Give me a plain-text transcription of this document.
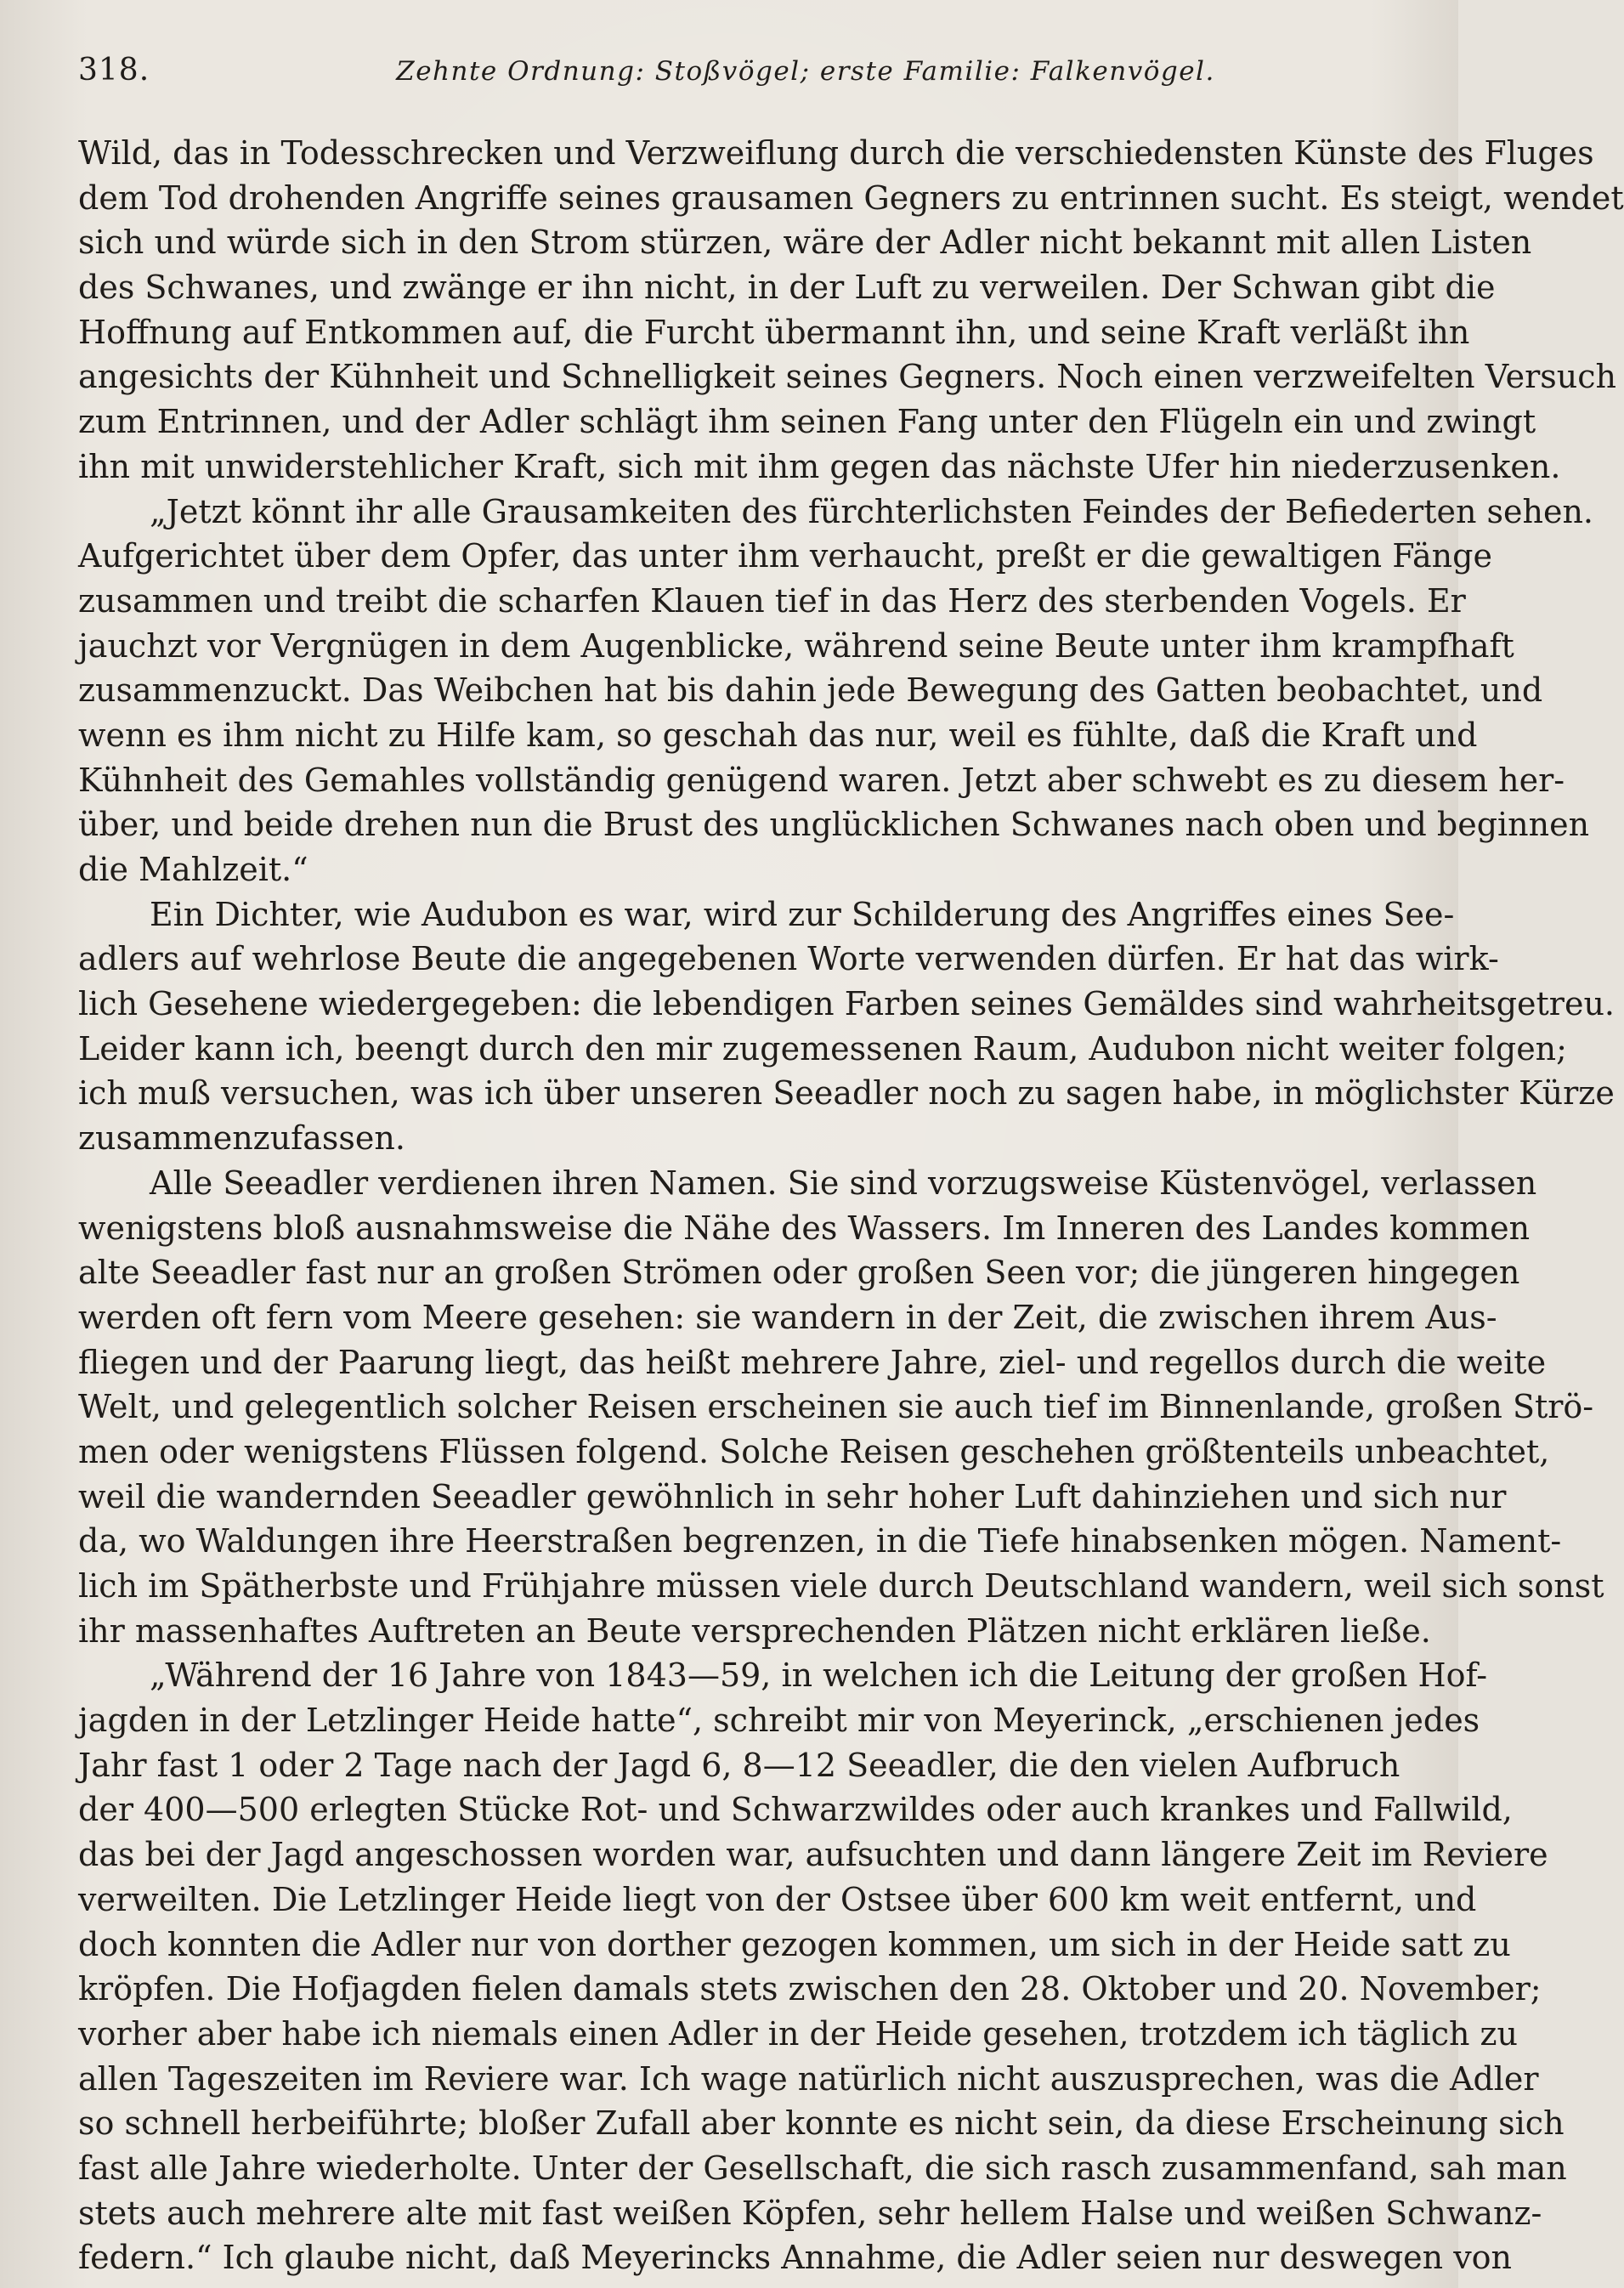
318.	Zehnte Ordnung: Stoßvögel; erste Familie: Falkenvögel.
Wild, das in Todesschrecken und Verzweiflung durch die verschiedensten Künste des Fluges
dem Tod drohenden Angriffe seines grausamen Gegners zu entrinnen sucht. Es steigt, wendet
sich und würde sich in den Strom stürzen, wäre der Adler nicht bekannt mit allen Listen
des Schwanes, und zwänge er ihn nicht, in der Luft zu verweilen. Der Schwan gibt die
Hoffnung auf Entkommen auf, die Furcht übermannt ihn, und seine Kraft verläßt ihn
angesichts der Kühnheit und Schnelligkeit seines Gegners. Noch einen verzweifelten Versuch
zum Entrinnen, und der Adler schlägt ihm seinen Fang unter den Flügeln ein und zwingt
ihn mit unwiderstehlicher Kraft, sich mit ihm gegen das nächste Ufer hin niederzusenken.
„Jetzt könnt ihr alle Grausamkeiten des fürchterlichsten Feindes der Befiederten sehen.
Aufgerichtet über dem Opfer, das unter ihm verhaucht, preßt er die gewaltigen Fänge
zusammen und treibt die scharfen Klauen tief in das Herz des sterbenden Vogels. Er
jauchzt vor Vergnügen in dem Augenblicke, während seine Beute unter ihm krampfhaft
zusammenzuckt. Das Weibchen hat bis dahin jede Bewegung des Gatten beobachtet, und
wenn es ihm nicht zu Hilfe kam, so geschah das nur, weil es fühlte, daß die Kraft und
Kühnheit des Gemahles vollständig genügend waren. Jetzt aber schwebt es zu diesem her-
über, und beide drehen nun die Brust des unglücklichen Schwanes nach oben und beginnen
die Mahlzeit.“
Ein Dichter, wie Audubon es war, wird zur Schilderung des Angriffes eines See-
adlers auf wehrlose Beute die angegebenen Worte verwenden dürfen. Er hat das wirk-
lich Gesehene wiedergegeben: die lebendigen Farben seines Gemäldes sind wahrheitsgetreu.
Leider kann ich, beengt durch den mir zugemessenen Raum, Audubon nicht weiter folgen;
ich muß versuchen, was ich über unseren Seeadler noch zu sagen habe, in möglichster Kürze
zusammenzufassen.
Alle Seeadler verdienen ihren Namen. Sie sind vorzugsweise Küstenvögel, verlassen
wenigstens bloß ausnahmsweise die Nähe des Wassers. Im Inneren des Landes kommen
alte Seeadler fast nur an großen Strömen oder großen Seen vor; die jüngeren hingegen
werden oft fern vom Meere gesehen: sie wandern in der Zeit, die zwischen ihrem Aus-
fliegen und der Paarung liegt, das heißt mehrere Jahre, ziel- und regellos durch die weite
Welt, und gelegentlich solcher Reisen erscheinen sie auch tief im Binnenlande, großen Strö-
men oder wenigstens Flüssen folgend. Solche Reisen geschehen größtenteils unbeachtet,
weil die wandernden Seeadler gewöhnlich in sehr hoher Luft dahinziehen und sich nur
da, wo Waldungen ihre Heerstraßen begrenzen, in die Tiefe hinabsenken mögen. Nament-
lich im Spätherbste und Frühjahre müssen viele durch Deutschland wandern, weil sich sonst
ihr massenhaftes Auftreten an Beute versprechenden Plätzen nicht erklären ließe.
„Während der 16 Jahre von 1843—59, in welchen ich die Leitung der großen Hof-
jagden in der Letzlinger Heide hatte“, schreibt mir von Meyerinck, „erschienen jedes
Jahr fast 1 oder 2 Tage nach der Jagd 6, 8—12 Seeadler, die den vielen Aufbruch
der 400—500 erlegten Stücke Rot- und Schwarzwildes oder auch krankes und Fallwild,
das bei der Jagd angeschossen worden war, aufsuchten und dann längere Zeit im Reviere
verweilten. Die Letzlinger Heide liegt von der Ostsee über 600 km weit entfernt, und
doch konnten die Adler nur von dorther gezogen kommen, um sich in der Heide satt zu
kröpfen. Die Hofjagden fielen damals stets zwischen den 28. Oktober und 20. November;
vorher aber habe ich niemals einen Adler in der Heide gesehen, trotzdem ich täglich zu
allen Tageszeiten im Reviere war. Ich wage natürlich nicht auszusprechen, was die Adler
so schnell herbeiführte; bloßer Zufall aber konnte es nicht sein, da diese Erscheinung sich
fast alle Jahre wiederholte. Unter der Gesellschaft, die sich rasch zusammenfand, sah man
stets auch mehrere alte mit fast weißen Köpfen, sehr hellem Halse und weißen Schwanz-
federn.“ Ich glaube nicht, daß Meyerincks Annahme, die Adler seien nur deswegen von
